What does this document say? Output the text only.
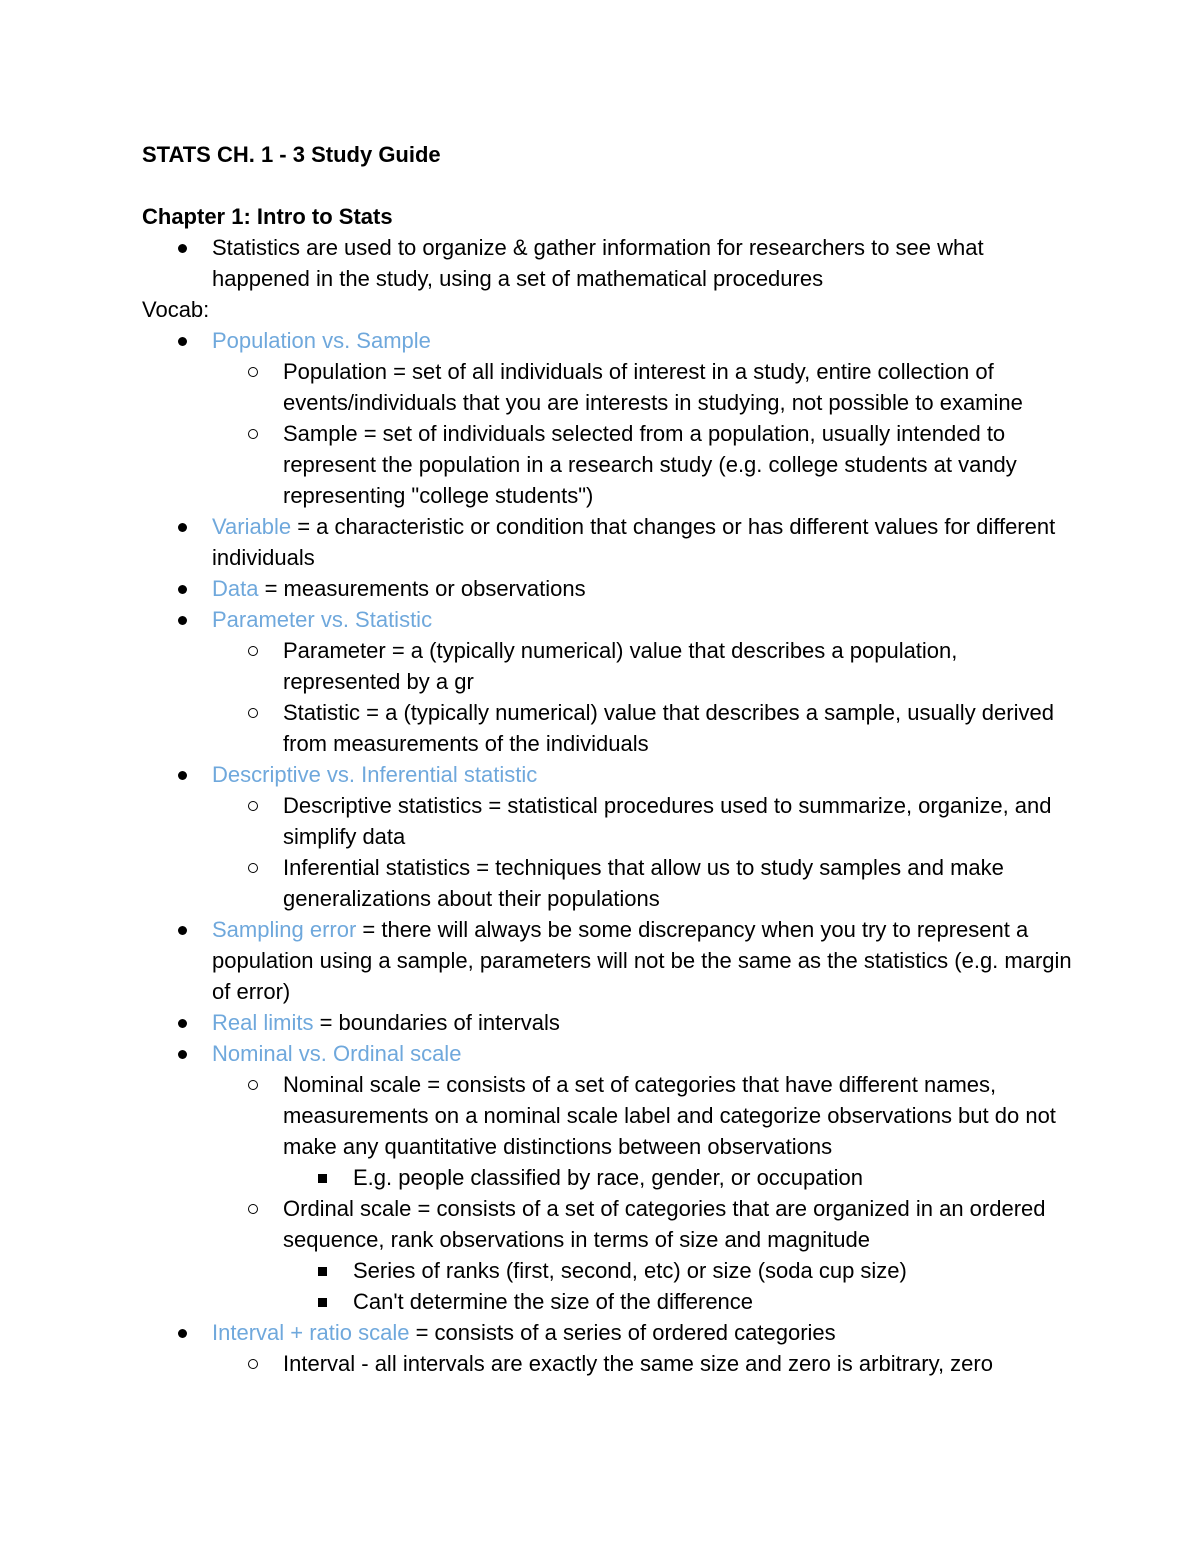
STATS CH. 1 - 3 Study Guide

Chapter 1: Intro to Stats

Statistics are used to organize & gather information for researchers to see what happened in the study, using a set of mathematical procedures

Vocab:

Population vs. Sample
Population = set of all individuals of interest in a study, entire collection of events/individuals that you are interests in studying, not possible to examine
Sample = set of individuals selected from a population, usually intended to represent the population in a research study (e.g. college students at vandy representing "college students")
Variable = a characteristic or condition that changes or has different values for different individuals
Data = measurements or observations
Parameter vs. Statistic
Parameter = a (typically numerical) value that describes a population, represented by a gr
Statistic = a (typically numerical) value that describes a sample, usually derived from measurements of the individuals
Descriptive vs. Inferential statistic
Descriptive statistics = statistical procedures used to summarize, organize, and simplify data
Inferential statistics = techniques that allow us to study samples and make generalizations about their populations
Sampling error = there will always be some discrepancy when you try to represent a population using a sample, parameters will not be the same as the statistics (e.g. margin of error)
Real limits = boundaries of intervals
Nominal vs. Ordinal scale
Nominal scale = consists of a set of categories that have different names, measurements on a nominal scale label and categorize observations but do not make any quantitative distinctions between observations
E.g. people classified by race, gender, or occupation
Ordinal scale = consists of a set of categories that are organized in an ordered sequence, rank observations in terms of size and magnitude
Series of ranks (first, second, etc) or size (soda cup size)
Can't determine the size of the difference
Interval + ratio scale = consists of a series of ordered categories
Interval - all intervals are exactly the same size and zero is arbitrary, zero
